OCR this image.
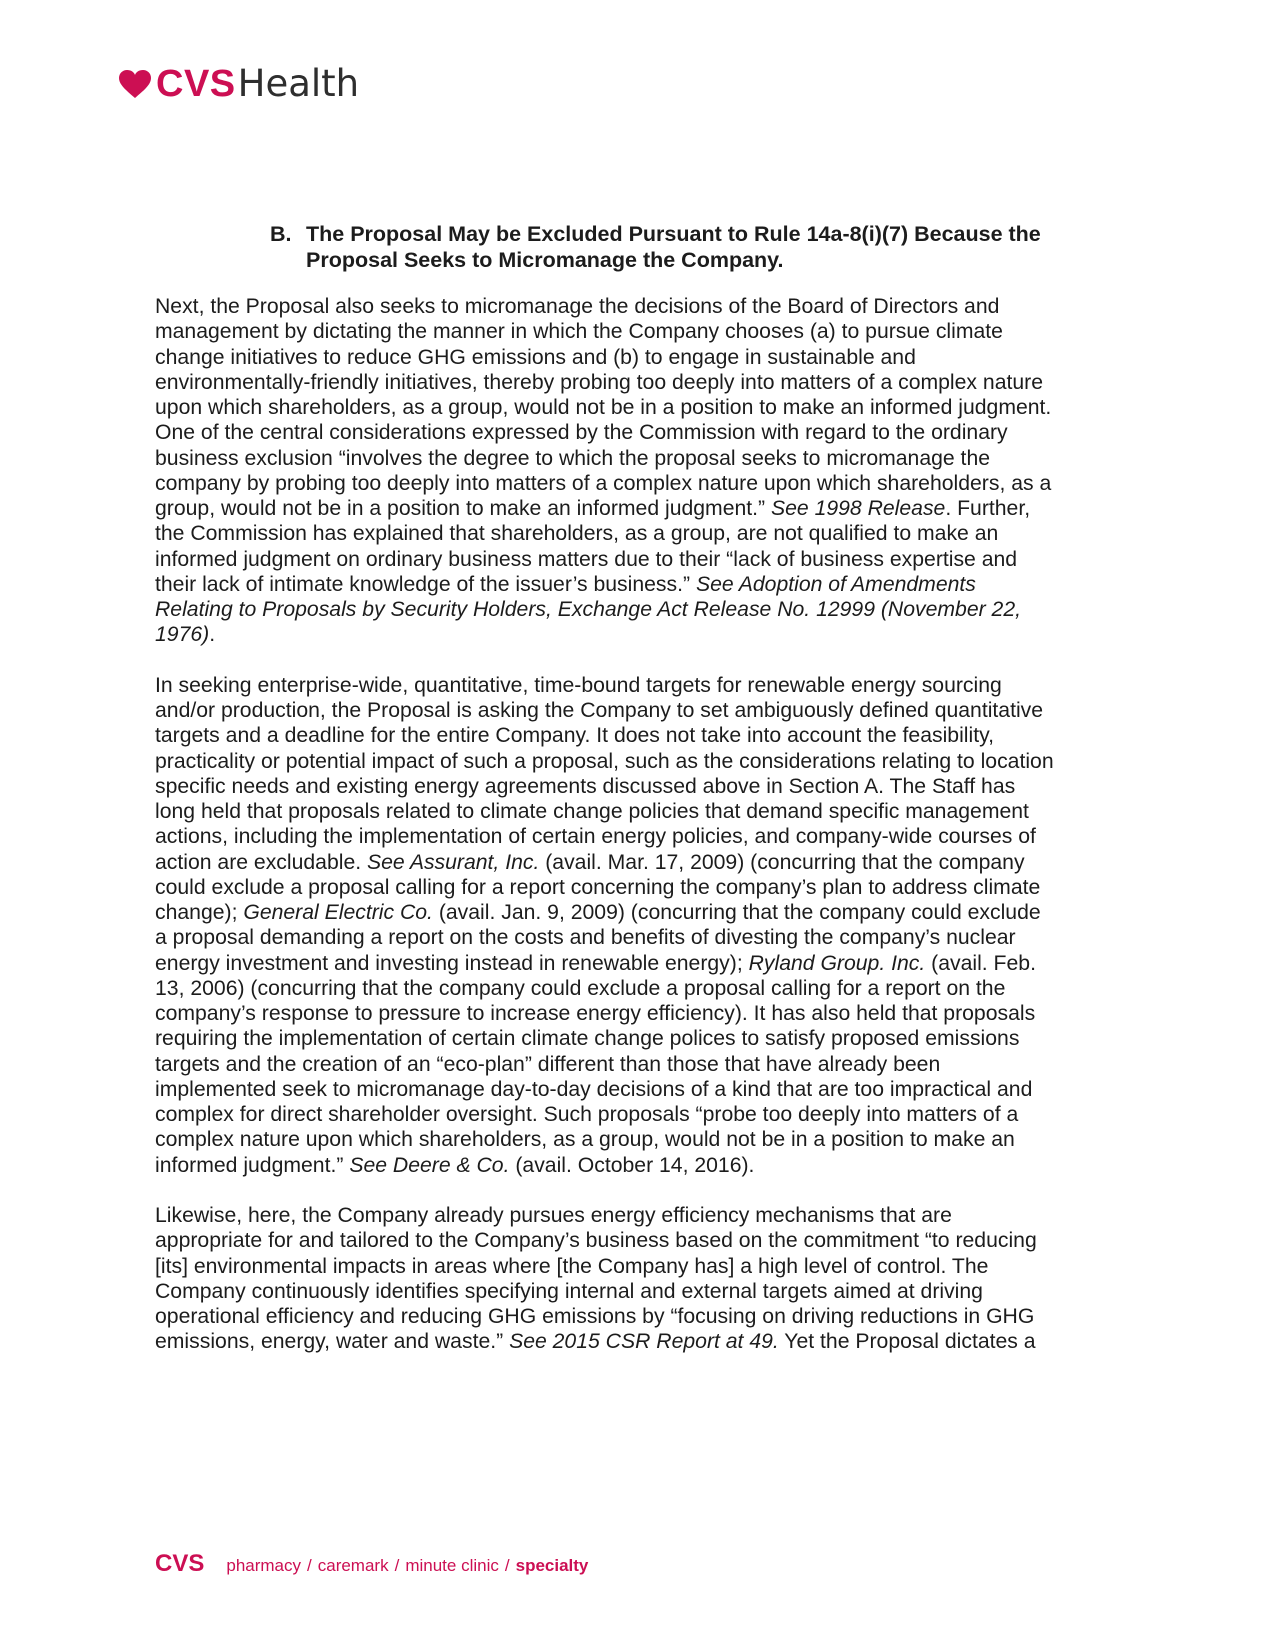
CVS Health
B. The Proposal May be Excluded Pursuant to Rule 14a-8(i)(7) Because the
Proposal Seeks to Micromanage the Company.

Next, the Proposal also seeks to micromanage the decisions of the Board of Directors and
management by dictating the manner in which the Company chooses (a) to pursue climate
change initiatives to reduce GHG emissions and (b) to engage in sustainable and
environmentally-friendly initiatives, thereby probing too deeply into matters of a complex nature
upon which shareholders, as a group, would not be in a position to make an informed judgment.
One of the central considerations expressed by the Commission with regard to the ordinary
business exclusion “involves the degree to which the proposal seeks to micromanage the
company by probing too deeply into matters of a complex nature upon which shareholders, as a
group, would not be in a position to make an informed judgment.” See 1998 Release. Further,
the Commission has explained that shareholders, as a group, are not qualified to make an
informed judgment on ordinary business matters due to their “lack of business expertise and
their lack of intimate knowledge of the issuer’s business.” See Adoption of Amendments
Relating to Proposals by Security Holders, Exchange Act Release No. 12999 (November 22,
1976).

In seeking enterprise-wide, quantitative, time-bound targets for renewable energy sourcing
and/or production, the Proposal is asking the Company to set ambiguously defined quantitative
targets and a deadline for the entire Company. It does not take into account the feasibility,
practicality or potential impact of such a proposal, such as the considerations relating to location
specific needs and existing energy agreements discussed above in Section A. The Staff has
long held that proposals related to climate change policies that demand specific management
actions, including the implementation of certain energy policies, and company-wide courses of
action are excludable. See Assurant, Inc. (avail. Mar. 17, 2009) (concurring that the company
could exclude a proposal calling for a report concerning the company’s plan to address climate
change); General Electric Co. (avail. Jan. 9, 2009) (concurring that the company could exclude
a proposal demanding a report on the costs and benefits of divesting the company’s nuclear
energy investment and investing instead in renewable energy); Ryland Group. Inc. (avail. Feb.
13, 2006) (concurring that the company could exclude a proposal calling for a report on the
company’s response to pressure to increase energy efficiency). It has also held that proposals
requiring the implementation of certain climate change polices to satisfy proposed emissions
targets and the creation of an “eco-plan” different than those that have already been
implemented seek to micromanage day-to-day decisions of a kind that are too impractical and
complex for direct shareholder oversight. Such proposals “probe too deeply into matters of a
complex nature upon which shareholders, as a group, would not be in a position to make an
informed judgment.” See Deere & Co. (avail. October 14, 2016).

Likewise, here, the Company already pursues energy efficiency mechanisms that are
appropriate for and tailored to the Company’s business based on the commitment “to reducing
[its] environmental impacts in areas where [the Company has] a high level of control. The
Company continuously identifies specifying internal and external targets aimed at driving
operational efficiency and reducing GHG emissions by “focusing on driving reductions in GHG
emissions, energy, water and waste.” See 2015 CSR Report at 49. Yet the Proposal dictates a

CVS pharmacy / caremark / minute clinic / specialty
